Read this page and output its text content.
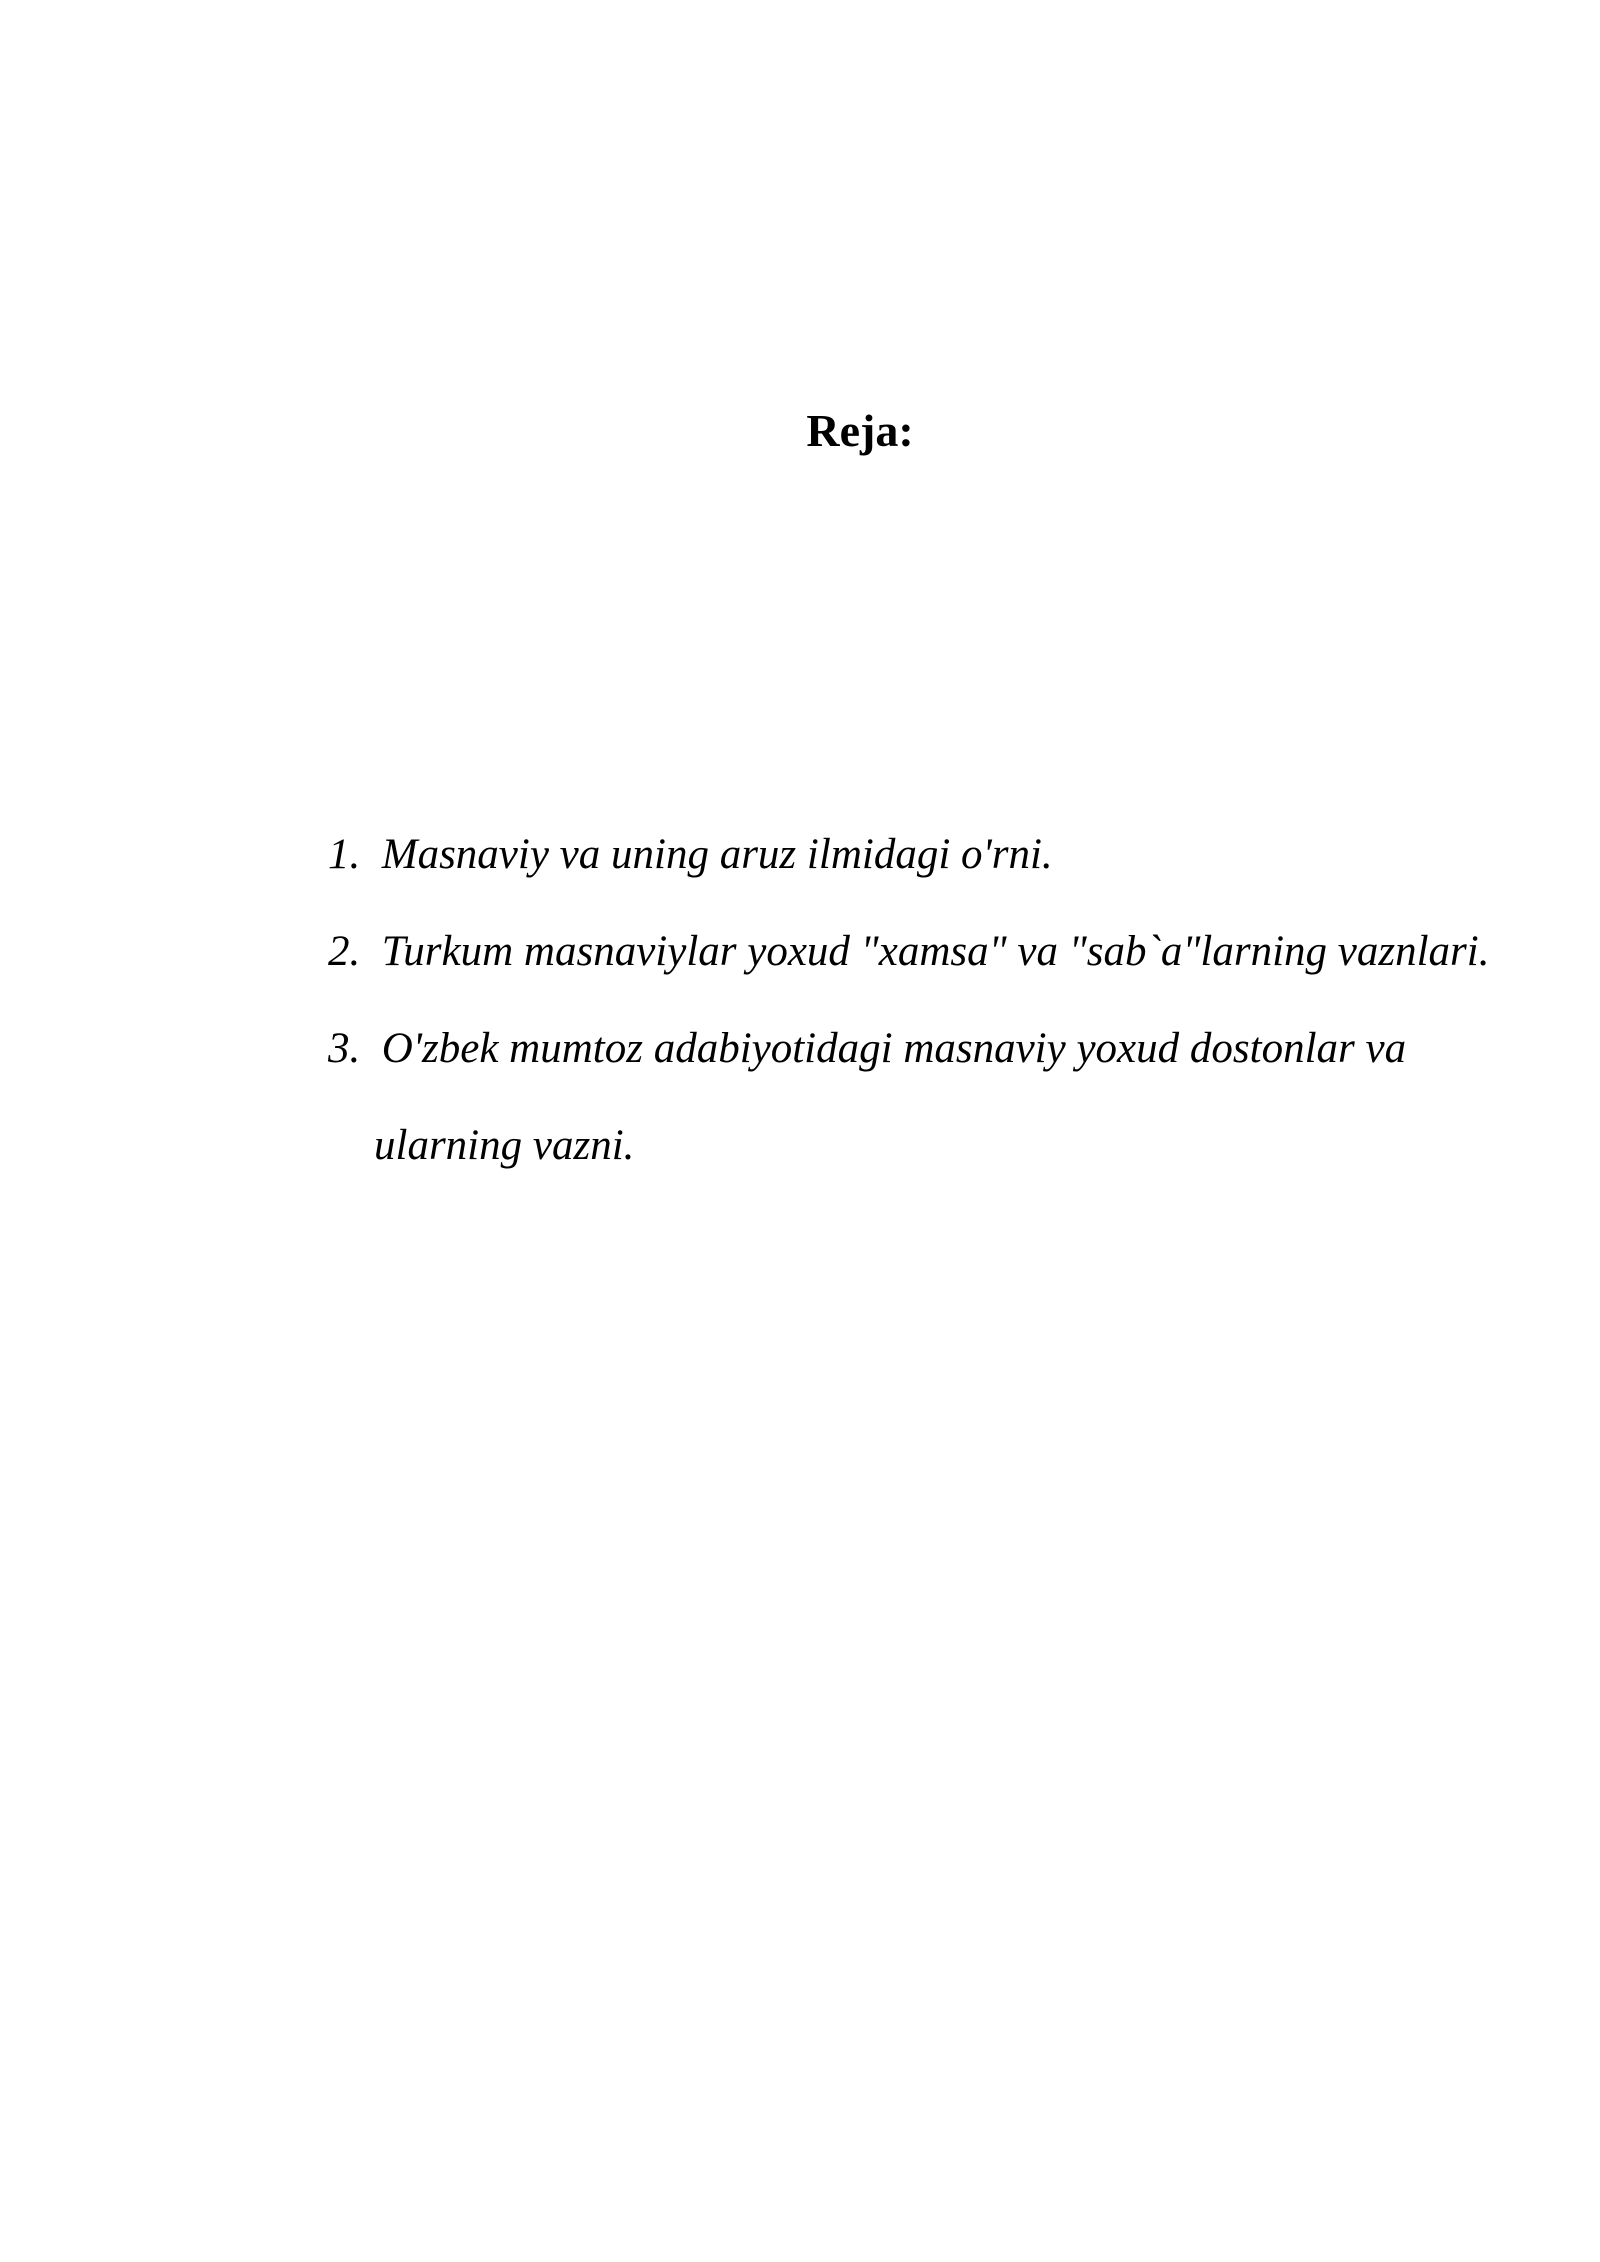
Reja:
1.  Masnaviy va uning aruz ilmidagi o'rni.
2.  Turkum masnaviylar yoxud "xamsa" va "sab`a"larning vaznlari.
3.  O'zbek mumtoz adabiyotidagi masnaviy yoxud dostonlar va
ularning vazni.
